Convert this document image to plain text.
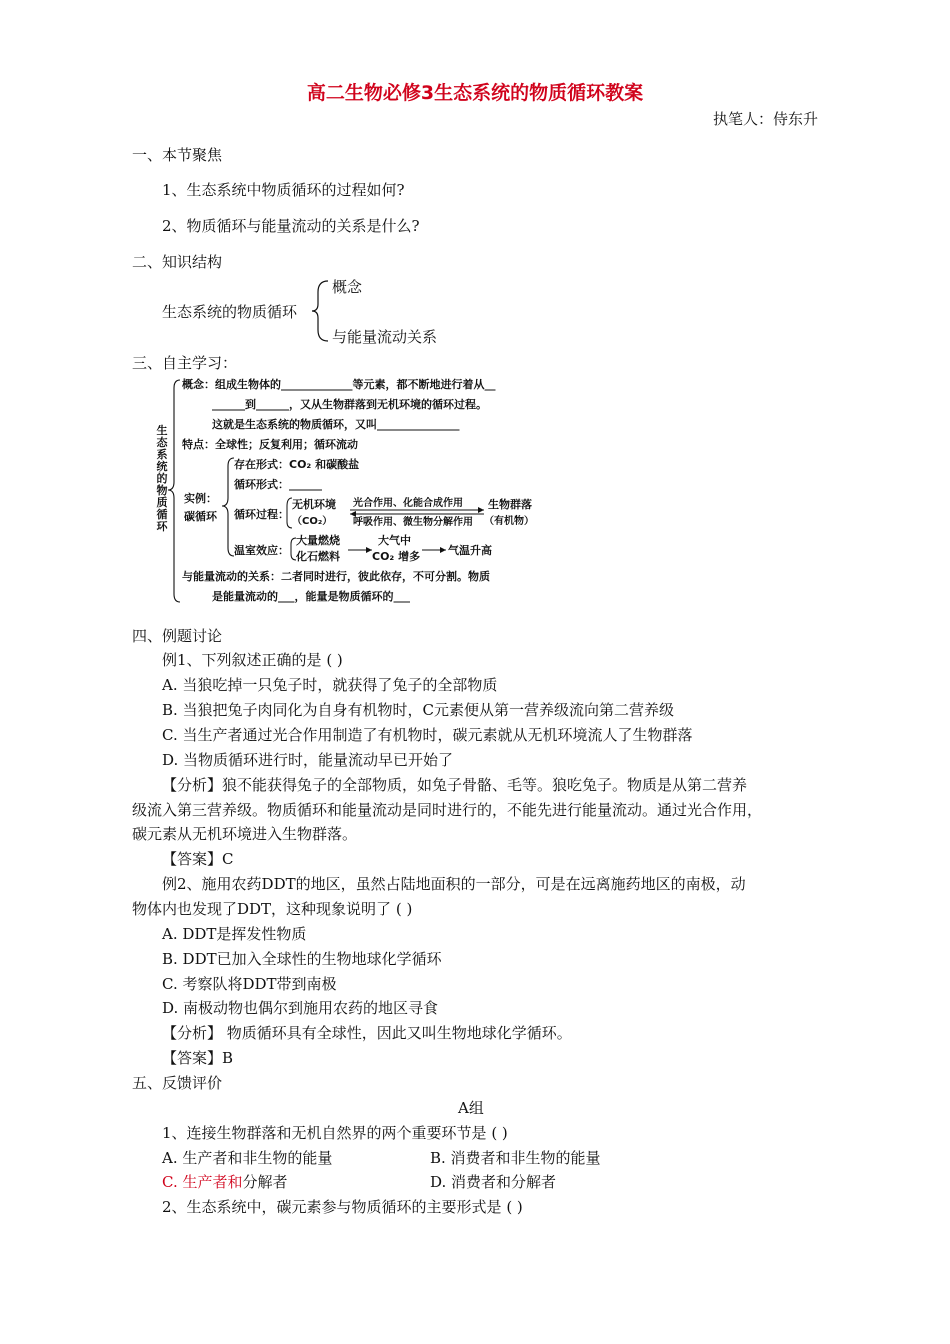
高二生物必修3生态系统的物质循环教案
执笔人：侍东升
一、本节聚焦
1、生态系统中物质循环的过程如何?
2、物质循环与能量流动的关系是什么?
二、知识结构
生态系统的物质循环
概念
与能量流动关系
三、自主学习：
生态系统的物质循环
概念：组成生物体的_____________等元素，都不断地进行着从__
______到______，又从生物群落到无机环境的循环过程。
这就是生态系统的物质循环，又叫_______________
特点：全球性；反复利用；循环流动
实例：
碳循环
存在形式：CO₂ 和碳酸盐
循环形式：______
循环过程：
无机环境
（CO₂）
光合作用、化能合成作用
呼吸作用、微生物分解作用
生物群落
（有机物）
温室效应：
大量燃烧
化石燃料
大气中
CO₂ 增多	气温升高
与能量流动的关系：二者同时进行，彼此依存，不可分割。物质
是能量流动的___，能量是物质循环的___
四、例题讨论
例1、下列叙述正确的是 ( )
A. 当狼吃掉一只兔子时，就获得了兔子的全部物质
B. 当狼把兔子肉同化为自身有机物时，C元素便从第一营养级流向第二营养级
C. 当生产者通过光合作用制造了有机物时，碳元素就从无机环境流人了生物群落
D. 当物质循环进行时，能量流动早已开始了
【分析】狼不能获得兔子的全部物质，如兔子骨骼、毛等。狼吃兔子。物质是从第二营养
级流入第三营养级。物质循环和能量流动是同时进行的，不能先进行能量流动。通过光合作用，
碳元素从无机环境进入生物群落。
【答案】C
例2、施用农药DDT的地区，虽然占陆地面积的一部分，可是在远离施药地区的南极，动
物体内也发现了DDT，这种现象说明了 ( )
A. DDT是挥发性物质
B. DDT已加入全球性的生物地球化学循环
C. 考察队将DDT带到南极
D. 南极动物也偶尔到施用农药的地区寻食
【分析】 物质循环具有全球性，因此又叫生物地球化学循环。
【答案】B
五、反馈评价
A组
1、连接生物群落和无机自然界的两个重要环节是 ( )
A. 生产者和非生物的能量	B. 消费者和非生物的能量
C. 生产者和分解者	D. 消费者和分解者
2、生态系统中，碳元素参与物质循环的主要形式是 ( )
